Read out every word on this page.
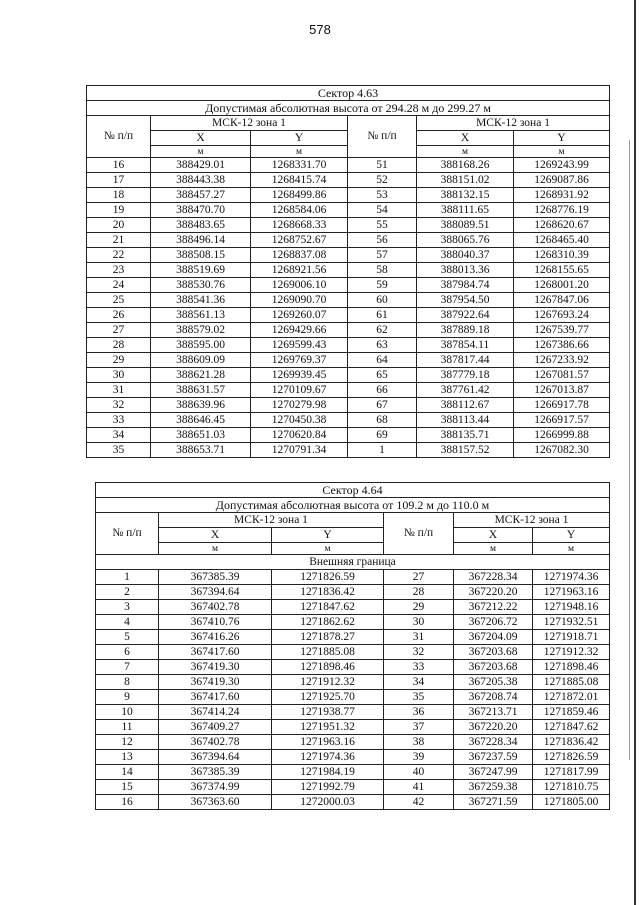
578
Сектор 4.63					
Допустимая абсолютная высота от 294.28 м до 299.27 м					
№ п/п	МСК-12 зона 1		№ п/п	МСК-12 зона 1	
	X	Y		X	Y
	м	м		м	м
16	388429.01	1268331.70	51	388168.26	1269243.99
17	388443.38	1268415.74	52	388151.02	1269087.86
18	388457.27	1268499.86	53	388132.15	1268931.92
19	388470.70	1268584.06	54	388111.65	1268776.19
20	388483.65	1268668.33	55	388089.51	1268620.67
21	388496.14	1268752.67	56	388065.76	1268465.40
22	388508.15	1268837.08	57	388040.37	1268310.39
23	388519.69	1268921.56	58	388013.36	1268155.65
24	388530.76	1269006.10	59	387984.74	1268001.20
25	388541.36	1269090.70	60	387954.50	1267847.06
26	388561.13	1269260.07	61	387922.64	1267693.24
27	388579.02	1269429.66	62	387889.18	1267539.77
28	388595.00	1269599.43	63	387854.11	1267386.66
29	388609.09	1269769.37	64	387817.44	1267233.92
30	388621.28	1269939.45	65	387779.18	1267081.57
31	388631.57	1270109.67	66	387761.42	1267013.87
32	388639.96	1270279.98	67	388112.67	1266917.78
33	388646.45	1270450.38	68	388113.44	1266917.57
34	388651.03	1270620.84	69	388135.71	1266999.88
35	388653.71	1270791.34	1	388157.52	1267082.30
Сектор 4.64					
Допустимая абсолютная высота от 109.2 м до 110.0 м					
№ п/п	МСК-12 зона 1		№ п/п	МСК-12 зона 1	
	X	Y		X	Y
	м	м		м	м
Внешняя граница					
1	367385.39	1271826.59	27	367228.34	1271974.36
2	367394.64	1271836.42	28	367220.20	1271963.16
3	367402.78	1271847.62	29	367212.22	1271948.16
4	367410.76	1271862.62	30	367206.72	1271932.51
5	367416.26	1271878.27	31	367204.09	1271918.71
6	367417.60	1271885.08	32	367203.68	1271912.32
7	367419.30	1271898.46	33	367203.68	1271898.46
8	367419.30	1271912.32	34	367205.38	1271885.08
9	367417.60	1271925.70	35	367208.74	1271872.01
10	367414.24	1271938.77	36	367213.71	1271859.46
11	367409.27	1271951.32	37	367220.20	1271847.62
12	367402.78	1271963.16	38	367228.34	1271836.42
13	367394.64	1271974.36	39	367237.59	1271826.59
14	367385.39	1271984.19	40	367247.99	1271817.99
15	367374.99	1271992.79	41	367259.38	1271810.75
16	367363.60	1272000.03	42	367271.59	1271805.00
